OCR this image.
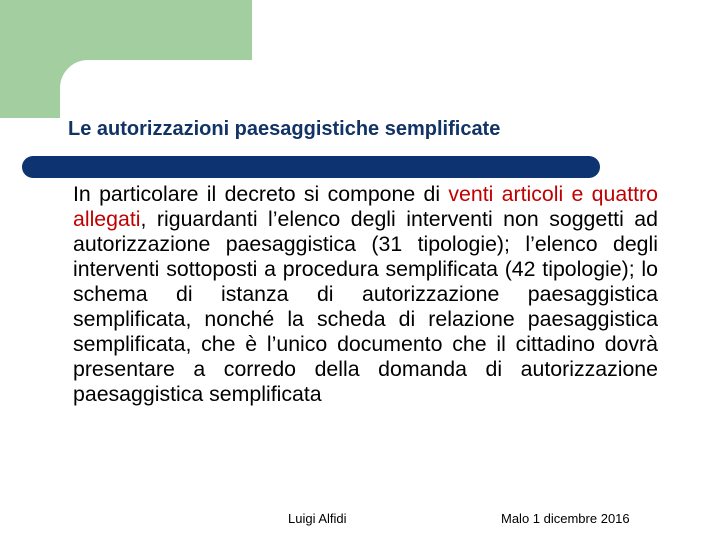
Le autorizzazioni paesaggistiche semplificate
In particolare il decreto si compone di venti articoli e quattro allegati, riguardanti l’elenco degli interventi non soggetti ad autorizzazione paesaggistica (31 tipologie); l’elenco degli interventi sottoposti a procedura semplificata (42 tipologie); lo schema di istanza di autorizzazione paesaggistica semplificata, nonché la scheda di relazione paesaggistica semplificata, che è l’unico documento che il cittadino dovrà presentare a corredo della domanda di autorizzazione paesaggistica semplificata
Luigi Alfidi	Malo 1 dicembre 2016
